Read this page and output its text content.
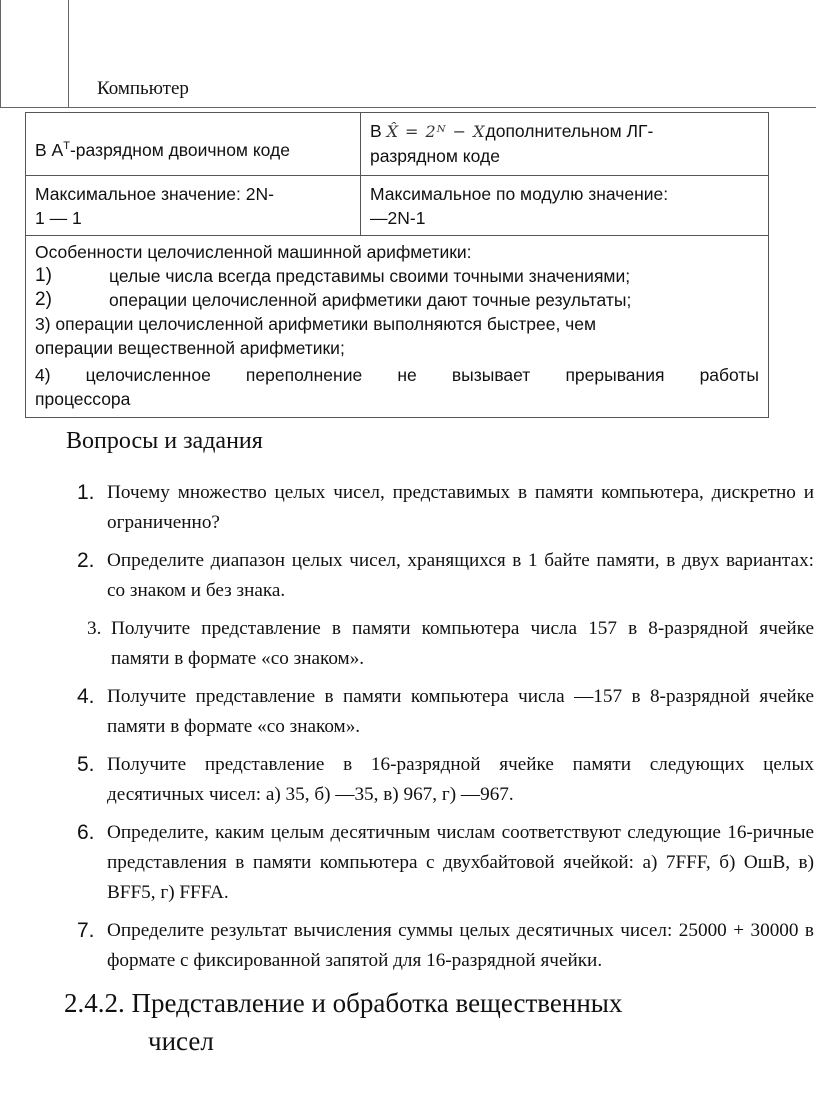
Компьютер
В $А^Т$-разрядном двоичном коде
В X̂ = 2ᴺ − Xдополнительном ЛГ-
разрядном коде
Максимальное значение: 2N-
1 — 1
Максимальное по модулю значение:
—2N-1
Особенности целочисленной машинной арифметики:
1)	целые числа всегда представимы своими точными значениями;
2)	операции целочисленной арифметики дают точные результаты;
3) операции целочисленной арифметики выполняются быстрее, чем
операции вещественной арифметики;
4) целочисленное переполнение не вызывает прерывания работы
процессора
Вопросы и задания
1. Почему множество целых чисел, представимых в памяти компьютера, дискретно и ограниченно?
2. Определите диапазон целых чисел, хранящихся в 1 байте памяти, в двух вариантах: со знаком и без знака.
3. Получите представление в памяти компьютера числа 157 в 8-разрядной ячейке памяти в формате «со знаком».
4. Получите представление в памяти компьютера числа —157 в 8-разрядной ячейке памяти в формате «со знаком».
5. Получите представление в 16-разрядной ячейке памяти следующих целых десятичных чисел: а) 35, б) —35, в) 967, г) —967.
6. Определите, каким целым десятичным числам соответствуют следующие 16-ричные представления в памяти компьютера с двухбайтовой ячейкой: а) 7FFF, б) ОшВ, в) BFF5, г) FFFA.
7. Определите результат вычисления суммы целых десятичных чисел: 25000 + 30000 в формате с фиксированной запятой для 16-разрядной ячейки.
2.4.2. Представление и обработка вещественных
чисел
